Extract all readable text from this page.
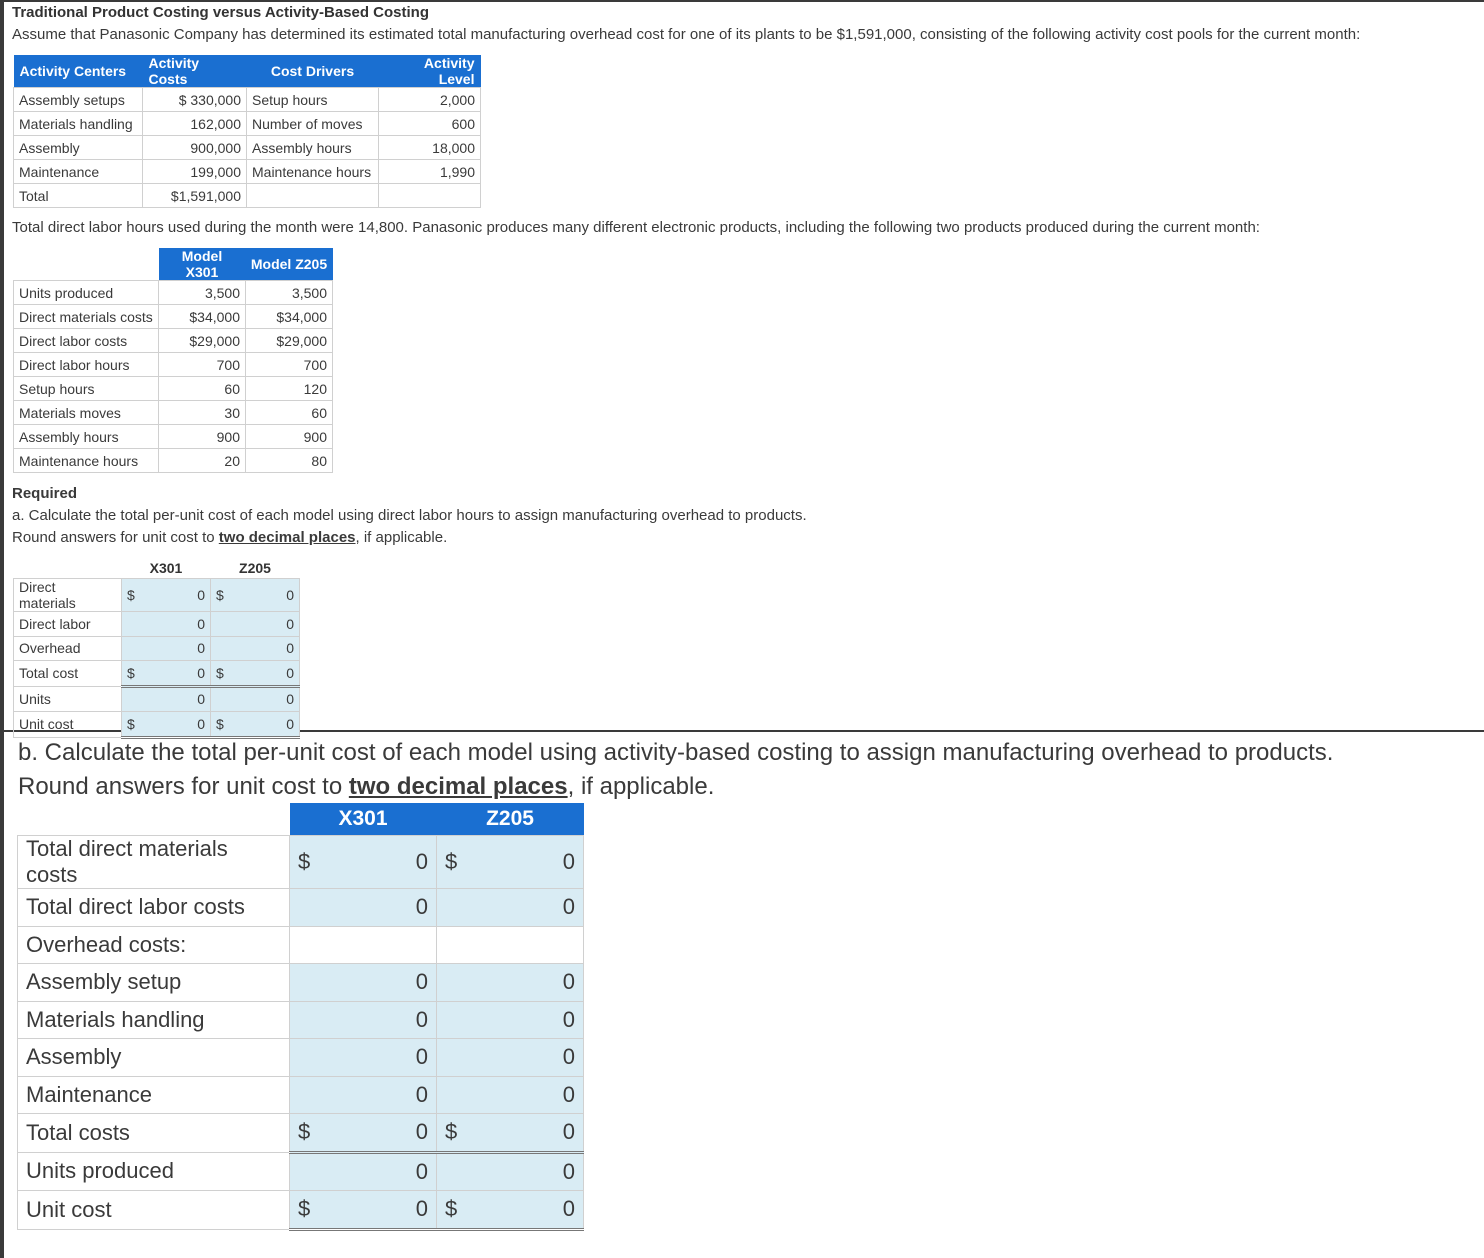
Traditional Product Costing versus Activity-Based Costing
Assume that Panasonic Company has determined its estimated total manufacturing overhead cost for one of its plants to be $1,591,000, consisting of the following activity cost pools for the current month:
Activity Centers	Activity Costs	Cost Drivers	Activity Level
Assembly setups	$ 330,000	Setup hours	2,000
Materials handling	162,000	Number of moves	600
Assembly	900,000	Assembly hours	18,000
Maintenance	199,000	Maintenance hours	1,990
Total	$1,591,000		
Total direct labor hours used during the month were 14,800. Panasonic produces many different electronic products, including the following two products produced during the current month:
	Model X301	Model Z205
Units produced	3,500	3,500
Direct materials costs	$34,000	$34,000
Direct labor costs	$29,000	$29,000
Direct labor hours	700	700
Setup hours	60	120
Materials moves	30	60
Assembly hours	900	900
Maintenance hours	20	80
Required
a. Calculate the total per-unit cost of each model using direct labor hours to assign manufacturing overhead to products.
Round answers for unit cost to two decimal places, if applicable.
	X301		Z205	
Direct materials	$	0	$	0
Direct labor		0		0
Overhead		0		0
Total cost	$	0	$	0
Units		0		0
Unit cost	$	0	$	0
b. Calculate the total per-unit cost of each model using activity-based costing to assign manufacturing overhead to products.
Round answers for unit cost to two decimal places, if applicable.
	X301		Z205	
Total direct materials costs	$	0	$	0
Total direct labor costs		0		0
Overhead costs:				
Assembly setup		0		0
Materials handling		0		0
Assembly		0		0
Maintenance		0		0
Total costs	$	0	$	0
Units produced		0		0
Unit cost	$	0	$	0
